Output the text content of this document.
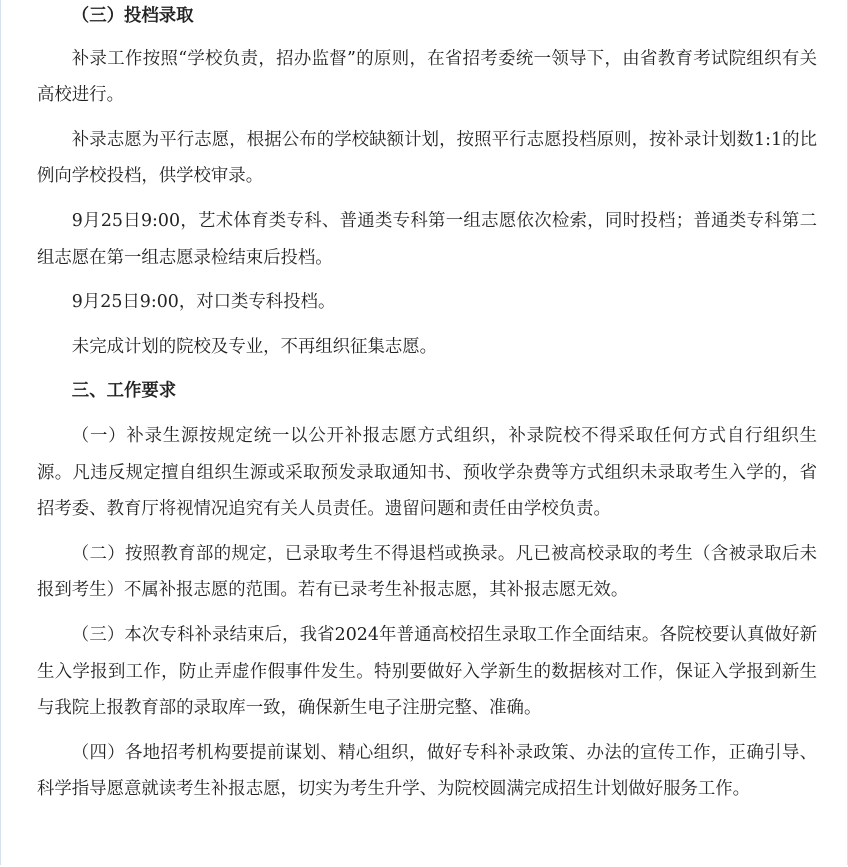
（三）投档录取

补录工作按照“学校负责，招办监督”的原则，在省招考委统一领导下，由省教育考试院组织有关高校进行。

补录志愿为平行志愿，根据公布的学校缺额计划，按照平行志愿投档原则，按补录计划数1:1的比例向学校投档，供学校审录。

9月25日9:00，艺术体育类专科、普通类专科第一组志愿依次检索，同时投档；普通类专科第二组志愿在第一组志愿录检结束后投档。

9月25日9:00，对口类专科投档。

未完成计划的院校及专业，不再组织征集志愿。

三、工作要求

（一）补录生源按规定统一以公开补报志愿方式组织，补录院校不得采取任何方式自行组织生源。凡违反规定擅自组织生源或采取预发录取通知书、预收学杂费等方式组织未录取考生入学的，省招考委、教育厅将视情况追究有关人员责任。遗留问题和责任由学校负责。

（二）按照教育部的规定，已录取考生不得退档或换录。凡已被高校录取的考生（含被录取后未报到考生）不属补报志愿的范围。若有已录考生补报志愿，其补报志愿无效。

（三）本次专科补录结束后，我省2024年普通高校招生录取工作全面结束。各院校要认真做好新生入学报到工作，防止弄虚作假事件发生。特别要做好入学新生的数据核对工作，保证入学报到新生与我院上报教育部的录取库一致，确保新生电子注册完整、准确。

（四）各地招考机构要提前谋划、精心组织，做好专科补录政策、办法的宣传工作，正确引导、科学指导愿意就读考生补报志愿，切实为考生升学、为院校圆满完成招生计划做好服务工作。
